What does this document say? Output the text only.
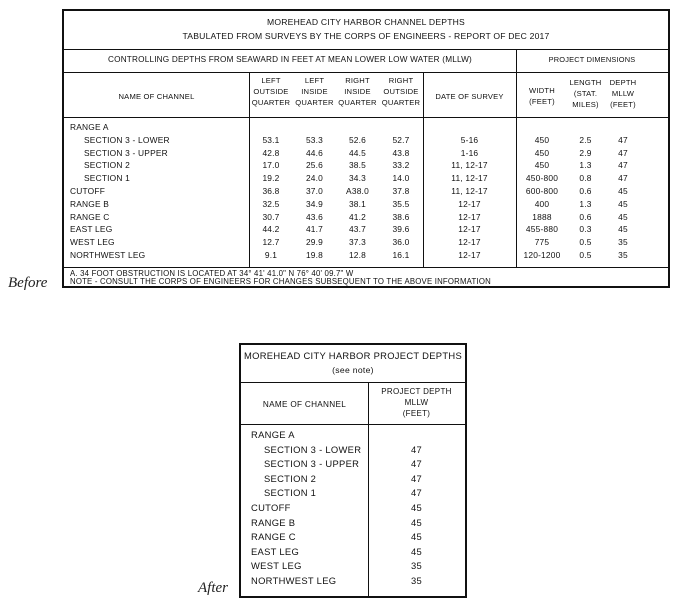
Before
MOREHEAD CITY HARBOR CHANNEL DEPTHS
TABULATED FROM SURVEYS BY THE CORPS OF ENGINEERS - REPORT OF DEC 2017
CONTROLLING DEPTHS FROM SEAWARD IN FEET AT MEAN LOWER LOW WATER (MLLW)	PROJECT DIMENSIONS
NAME OF CHANNEL
LEFT
OUTSIDE
QUARTER
LEFT
INSIDE
QUARTER
RIGHT
INSIDE
QUARTER
RIGHT
OUTSIDE
QUARTER
DATE OF SURVEY
WIDTH
(FEET)
LENGTH
(STAT.
MILES)
DEPTH
MLLW
(FEET)
RANGE A
SECTION 3 - LOWER	53.1	53.3	52.6	52.7	5-16	450	2.5	47
SECTION 3 - UPPER	42.8	44.6	44.5	43.8	1-16	450	2.9	47
SECTION 2	17.0	25.6	38.5	33.2	11, 12-17	450	1.3	47
SECTION 1	19.2	24.0	34.3	14.0	11, 12-17	450-800	0.8	47
CUTOFF	36.8	37.0	A38.0	37.8	11, 12-17	600-800	0.6	45
RANGE B	32.5	34.9	38.1	35.5	12-17	400	1.3	45
RANGE C	30.7	43.6	41.2	38.6	12-17	1888	0.6	45
EAST LEG	44.2	41.7	43.7	39.6	12-17	455-880	0.3	45
WEST LEG	12.7	29.9	37.3	36.0	12-17	775	0.5	35
NORTHWEST LEG	9.1	19.8	12.8	16.1	12-17	120-1200	0.5	35
A. 34 FOOT OBSTRUCTION IS LOCATED AT 34° 41' 41.0" N 76° 40' 09.7" W
NOTE - CONSULT THE CORPS OF ENGINEERS FOR CHANGES SUBSEQUENT TO THE ABOVE INFORMATION
After
MOREHEAD CITY HARBOR PROJECT DEPTHS
(see note)
NAME OF CHANNEL
PROJECT DEPTH
MLLW
(FEET)
RANGE A
SECTION 3 - LOWER	47
SECTION 3 - UPPER	47
SECTION 2	47
SECTION 1	47
CUTOFF	45
RANGE B	45
RANGE C	45
EAST LEG	45
WEST LEG	35
NORTHWEST LEG	35
